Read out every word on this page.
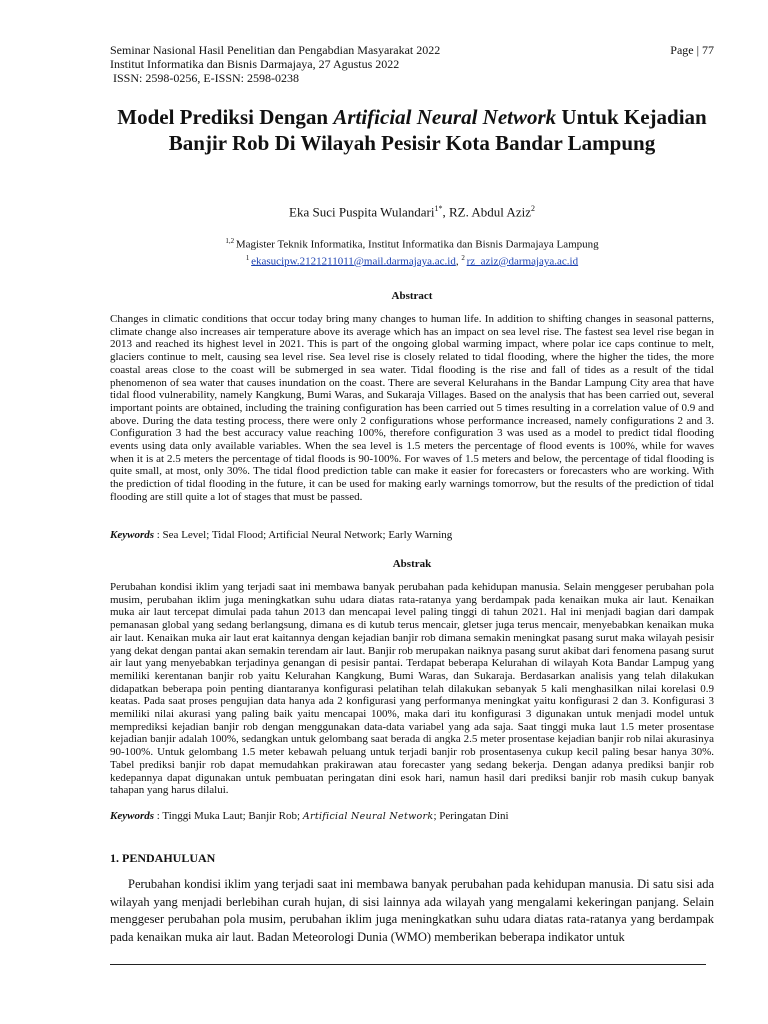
Seminar Nasional Hasil Penelitian dan Pengabdian Masyarakat 2022
Institut Informatika dan Bisnis Darmajaya, 27 Agustus 2022
ISSN: 2598-0256, E-ISSN: 2598-0238
Page | 77
Model Prediksi Dengan Artificial Neural Network Untuk Kejadian Banjir Rob Di Wilayah Pesisir Kota Bandar Lampung
Eka Suci Puspita Wulandari$^{1*}$, RZ. Abdul Aziz$^2$
$^{1,2}$ Magister Teknik Informatika, Institut Informatika dan Bisnis Darmajaya Lampung
$^1$ ekasucipw.2121211011@mail.darmajaya.ac.id, $^2$ rz_aziz@darmajaya.ac.id
Abstract

Changes in climatic conditions that occur today bring many changes to human life. In addition to shifting changes in seasonal patterns, climate change also increases air temperature above its average which has an impact on sea level rise. The fastest sea level rise began in 2013 and reached its highest level in 2021. This is part of the ongoing global warming impact, where polar ice caps continue to melt, glaciers continue to melt, causing sea level rise. Sea level rise is closely related to tidal flooding, where the higher the tides, the more coastal areas close to the coast will be submerged in sea water. Tidal flooding is the rise and fall of tides as a result of the tidal phenomenon of sea water that causes inundation on the coast. There are several Kelurahans in the Bandar Lampung City area that have tidal flood vulnerability, namely Kangkung, Bumi Waras, and Sukaraja Villages. Based on the analysis that has been carried out, several important points are obtained, including the training configuration has been carried out 5 times resulting in a correlation value of 0.9 and above. During the data testing process, there were only 2 configurations whose performance increased, namely configurations 2 and 3. Configuration 3 had the best accuracy value reaching 100%, therefore configuration 3 was used as a model to predict tidal flooding events using data only available variables. When the sea level is 1.5 meters the percentage of flood events is 100%, while for waves when it is at 2.5 meters the percentage of tidal floods is 90-100%. For waves of 1.5 meters and below, the percentage of tidal flooding is quite small, at most, only 30%. The tidal flood prediction table can make it easier for forecasters or forecasters who are working. With the prediction of tidal flooding in the future, it can be used for making early warnings tomorrow, but the results of the prediction of tidal flooding are still quite a lot of stages that must be passed.

Keywords : Sea Level; Tidal Flood; Artificial Neural Network; Early Warning
Abstrak

Perubahan kondisi iklim yang terjadi saat ini membawa banyak perubahan pada kehidupan manusia. Selain menggeser perubahan pola musim, perubahan iklim juga meningkatkan suhu udara diatas rata-ratanya yang berdampak pada kenaikan muka air laut. Kenaikan muka air laut tercepat dimulai pada tahun 2013 dan mencapai level paling tinggi di tahun 2021. Hal ini menjadi bagian dari dampak pemanasan global yang sedang berlangsung, dimana es di kutub terus mencair, gletser juga terus mencair, menyebabkan kenaikan muka air laut. Kenaikan muka air laut erat kaitannya dengan kejadian banjir rob dimana semakin meningkat pasang surut maka wilayah pesisir yang dekat dengan pantai akan semakin terendam air laut. Banjir rob merupakan naiknya pasang surut akibat dari fenomena pasang surut air laut yang menyebabkan terjadinya genangan di pesisir pantai. Terdapat beberapa Kelurahan di wilayah Kota Bandar Lampug yang memiliki kerentanan banjir rob yaitu Kelurahan Kangkung, Bumi Waras, dan Sukaraja. Berdasarkan analisis yang telah dilakukan didapatkan beberapa poin penting diantaranya konfigurasi pelatihan telah dilakukan sebanyak 5 kali menghasilkan nilai korelasi 0.9 keatas. Pada saat proses pengujian data hanya ada 2 konfigurasi yang performanya meningkat yaitu konfigurasi 2 dan 3. Konfigurasi 3 memiliki nilai akurasi yang paling baik yaitu mencapai 100%, maka dari itu konfigurasi 3 digunakan untuk menjadi model untuk memprediksi kejadian banjir rob dengan menggunakan data-data variabel yang ada saja. Saat tinggi muka laut 1.5 meter prosentase kejadian banjir adalah 100%, sedangkan untuk gelombang saat berada di angka 2.5 meter prosentase kejadian banjir rob nilai akurasinya 90-100%. Untuk gelombang 1.5 meter kebawah peluang untuk terjadi banjir rob prosentasenya cukup kecil paling besar hanya 30%. Tabel prediksi banjir rob dapat memudahkan prakirawan atau forecaster yang sedang bekerja. Dengan adanya prediksi banjir rob kedepannya dapat digunakan untuk pembuatan peringatan dini esok hari, namun hasil dari prediksi banjir rob masih cukup banyak tahapan yang harus dilalui.

Keywords : Tinggi Muka Laut; Banjir Rob; Artificial Neural Network; Peringatan Dini
1. PENDAHULUAN

Perubahan kondisi iklim yang terjadi saat ini membawa banyak perubahan pada kehidupan manusia. Di satu sisi ada wilayah yang menjadi berlebihan curah hujan, di sisi lainnya ada wilayah yang mengalami kekeringan panjang. Selain menggeser perubahan pola musim, perubahan iklim juga meningkatkan suhu udara diatas rata-ratanya yang berdampak pada kenaikan muka air laut. Badan Meteorologi Dunia (WMO) memberikan beberapa indikator untuk
